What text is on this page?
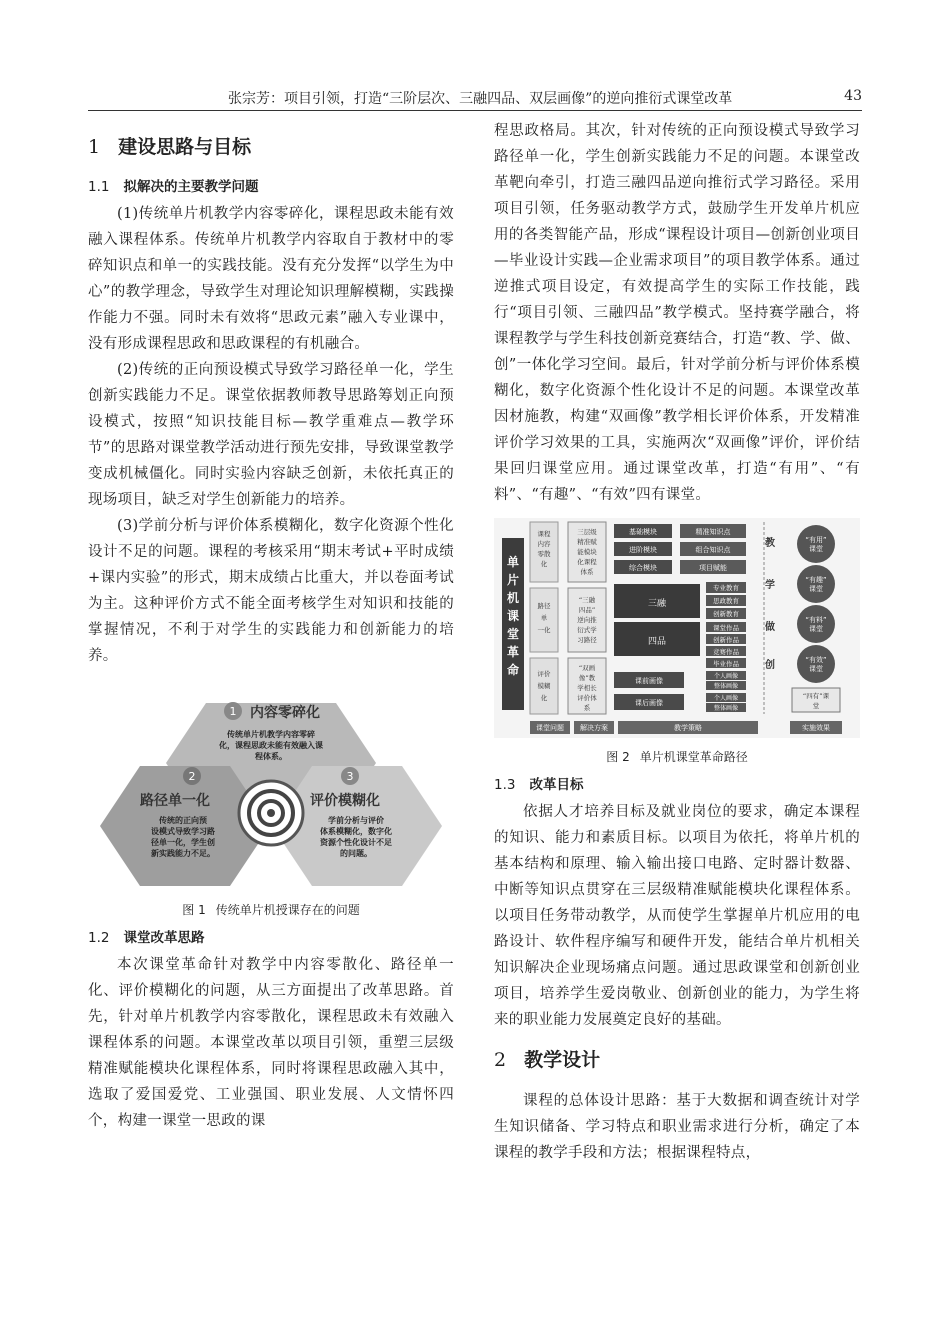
张宗芳：项目引领，打造“三阶层次、三融四品、双层画像”的逆向推衍式课堂改革	43
1 建设思路与目标
1.1 拟解决的主要教学问题

(1)传统单片机教学内容零碎化，课程思政未能有效融入课程体系。传统单片机教学内容取自于教材中的零碎知识点和单一的实践技能。没有充分发挥“以学生为中心”的教学理念，导致学生对理论知识理解模糊，实践操作能力不强。同时未有效将“思政元素”融入专业课中，没有形成课程思政和思政课程的有机融合。

(2)传统的正向预设模式导致学习路径单一化，学生创新实践能力不足。课堂依据教师教导思路筹划正向预设模式，按照“知识技能目标—教学重难点—教学环节”的思路对课堂教学活动进行预先安排，导致课堂教学变成机械僵化。同时实验内容缺乏创新，未依托真正的现场项目，缺乏对学生创新能力的培养。

(3)学前分析与评价体系模糊化，数字化资源个性化设计不足的问题。课程的考核采用“期末考试+平时成绩+课内实验”的形式，期末成绩占比重大，并以卷面考试为主。这种评价方式不能全面考核学生对知识和技能的掌握情况，不利于对学生的实践能力和创新能力的培养。

1
2	3
内容零碎化
传统单片机教学内容零碎
化，课程思政未能有效融入课
程体系。
路径单一化
传统的正向预
设模式导致学习路
径单一化，学生创
新实践能力不足。
评价模糊化
学前分析与评价
体系模糊化，数字化
资源个性化设计不足
的问题。
图 1 传统单片机授课存在的问题
1.2 课堂改革思路

本次课堂革命针对教学中内容零散化、路径单一化、评价模糊化的问题，从三方面提出了改革思路。首先，针对单片机教学内容零散化，课程思政未有效融入课程体系的问题。本课堂改革以项目引领，重塑三层级精准赋能模块化课程体系，同时将课程思政融入其中，选取了爱国爱党、工业强国、职业发展、人文情怀四个，构建一课堂一思政的课

程思政格局。其次，针对传统的正向预设模式导致学习路径单一化，学生创新实践能力不足的问题。本课堂改革靶向牵引，打造三融四品逆向推衍式学习路径。采用项目引领，任务驱动教学方式，鼓励学生开发单片机应用的各类智能产品，形成“课程设计项目—创新创业项目—毕业设计实践—企业需求项目”的项目教学体系。通过逆推式项目设定，有效提高学生的实际工作技能，践行“项目引领、三融四品”教学模式。坚持赛学融合，将课程教学与学生科技创新竞赛结合，打造“教、学、做、创”一体化学习空间。最后，针对学前分析与评价体系模糊化，数字化资源个性化设计不足的问题。本课堂改革因材施教，构建“双画像”教学相长评价体系，开发精准评价学习效果的工具，实施两次“双画像”评价，评价结果回归课堂应用。通过课堂改革，打造“有用”、“有料”、“有趣”、“有效”四有课堂。

单
片
机
课
堂
革
命
课程
内容
零散
化
路径
单
一化
评价
模糊
化
三层级
精准赋
能模块
化课程
体系
“三融
四品”
逆向推
衍式学
习路径
“双画
像”教
学相长
评价体
系
基础模块
进阶模块
综合模块
精准知识点
组合知识点
项目赋能
三融
四品
专业教育
思政教育
创新教育
课堂作品
创新作品
竞赛作品
毕业作品
课前画像
课后画像
个人画像
整体画像
个人画像
整体画像
教
学
做
创
“有用”
课堂
“有趣”
课堂
“有料”
课堂
“有效”
课堂
“四有”课
堂
课堂问题 解决方案	教学策略	实施效果
图 2 单片机课堂革命路径
1.3 改革目标

依据人才培养目标及就业岗位的要求，确定本课程的知识、能力和素质目标。以项目为依托，将单片机的基本结构和原理、输入输出接口电路、定时器计数器、中断等知识点贯穿在三层级精准赋能模块化课程体系。以项目任务带动教学，从而使学生掌握单片机应用的电路设计、软件程序编写和硬件开发，能结合单片机相关知识解决企业现场痛点问题。通过思政课堂和创新创业项目，培养学生爱岗敬业、创新创业的能力，为学生将来的职业能力发展奠定良好的基础。

2 教学设计

课程的总体设计思路：基于大数据和调查统计对学生知识储备、学习特点和职业需求进行分析，确定了本课程的教学手段和方法；根据课程特点，
